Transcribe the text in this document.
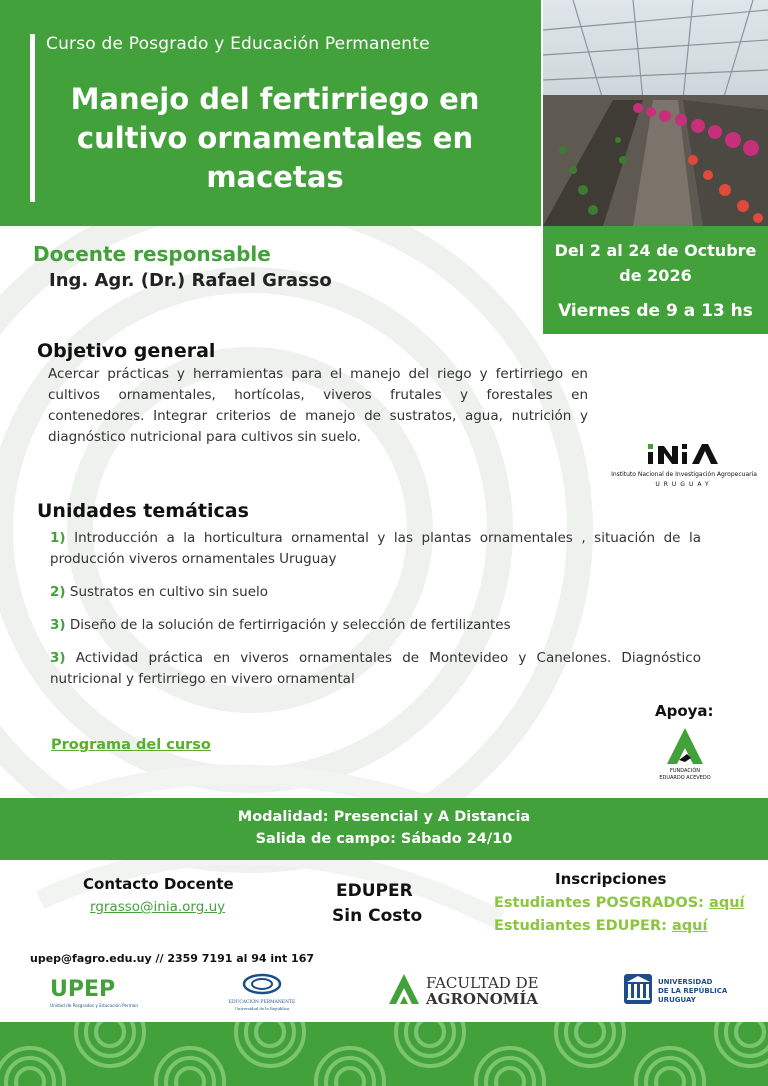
Curso de Posgrado y Educación Permanente
Manejo del fertirriego en cultivo ornamentales en macetas
Del 2 al 24 de Octubre de 2026
Viernes de 9 a 13 hs
Docente responsable
Ing. Agr. (Dr.) Rafael Grasso
Objetivo general
Acercar prácticas y herramientas para el manejo del riego y fertirriego en cultivos ornamentales, hortícolas, viveros frutales y forestales en contenedores. Integrar criterios de manejo de sustratos, agua, nutrición y diagnóstico nutricional para cultivos sin suelo.
Instituto Nacional de Investigación Agropecuaria
URUGUAY
Unidades temáticas
1) Introducción a la horticultura ornamental y las plantas ornamentales , situación de la producción viveros ornamentales Uruguay
2) Sustratos en cultivo sin suelo
3) Diseño de la solución de fertirrigación y selección de fertilizantes
3) Actividad práctica en viveros ornamentales de Montevideo y Canelones. Diagnóstico nutricional y fertirriego en vivero ornamental
Apoya:
FUNDACIÓN
EDUARDO ACEVEDO
Programa del curso
Modalidad: Presencial y A Distancia
Salida de campo: Sábado 24/10
Contacto Docente
rgrasso@inia.org.uy
EDUPER
Sin Costo
Inscripciones
Estudiantes POSGRADOS: aquí
Estudiantes EDUPER: aquí
upep@fagro.edu.uy // 2359 7191 al 94 int 167
UPEP
Unidad de Posgrados y Educación Permanente
EDUCACIÓN PERMANENTE
Universidad de la República
FACULTAD DE
AGRONOMÍA
UNIVERSIDAD
DE LA REPÚBLICA
URUGUAY
